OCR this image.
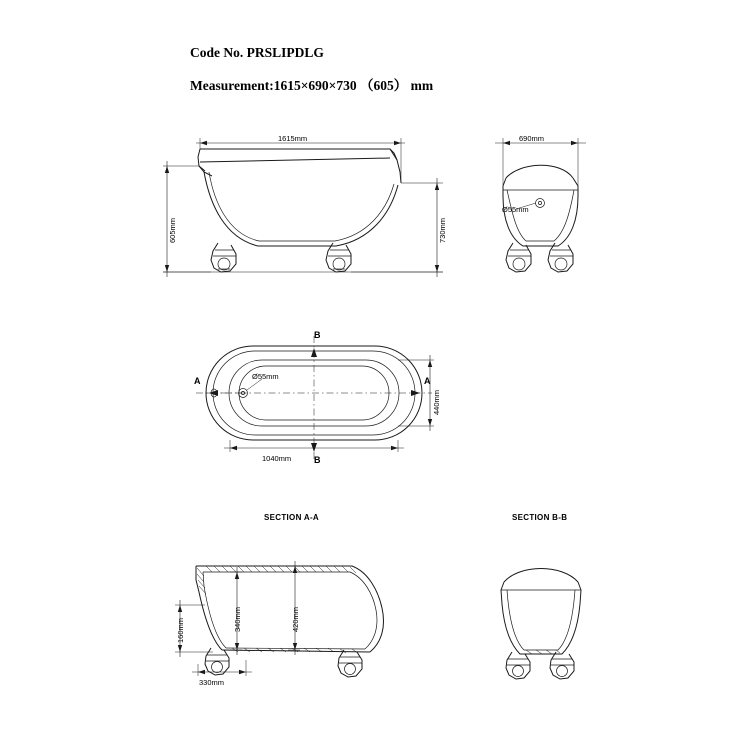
Code No. PRSLIPDLG
Measurement:1615×690×730 （605） mm
1615mm
730mm
605mm
690mm
Ø55mm
1040mm
440mm
Ø55mm
A	A
B
B
SECTION A-A	SECTION B-B
420mm
340mm
160mm
330mm
